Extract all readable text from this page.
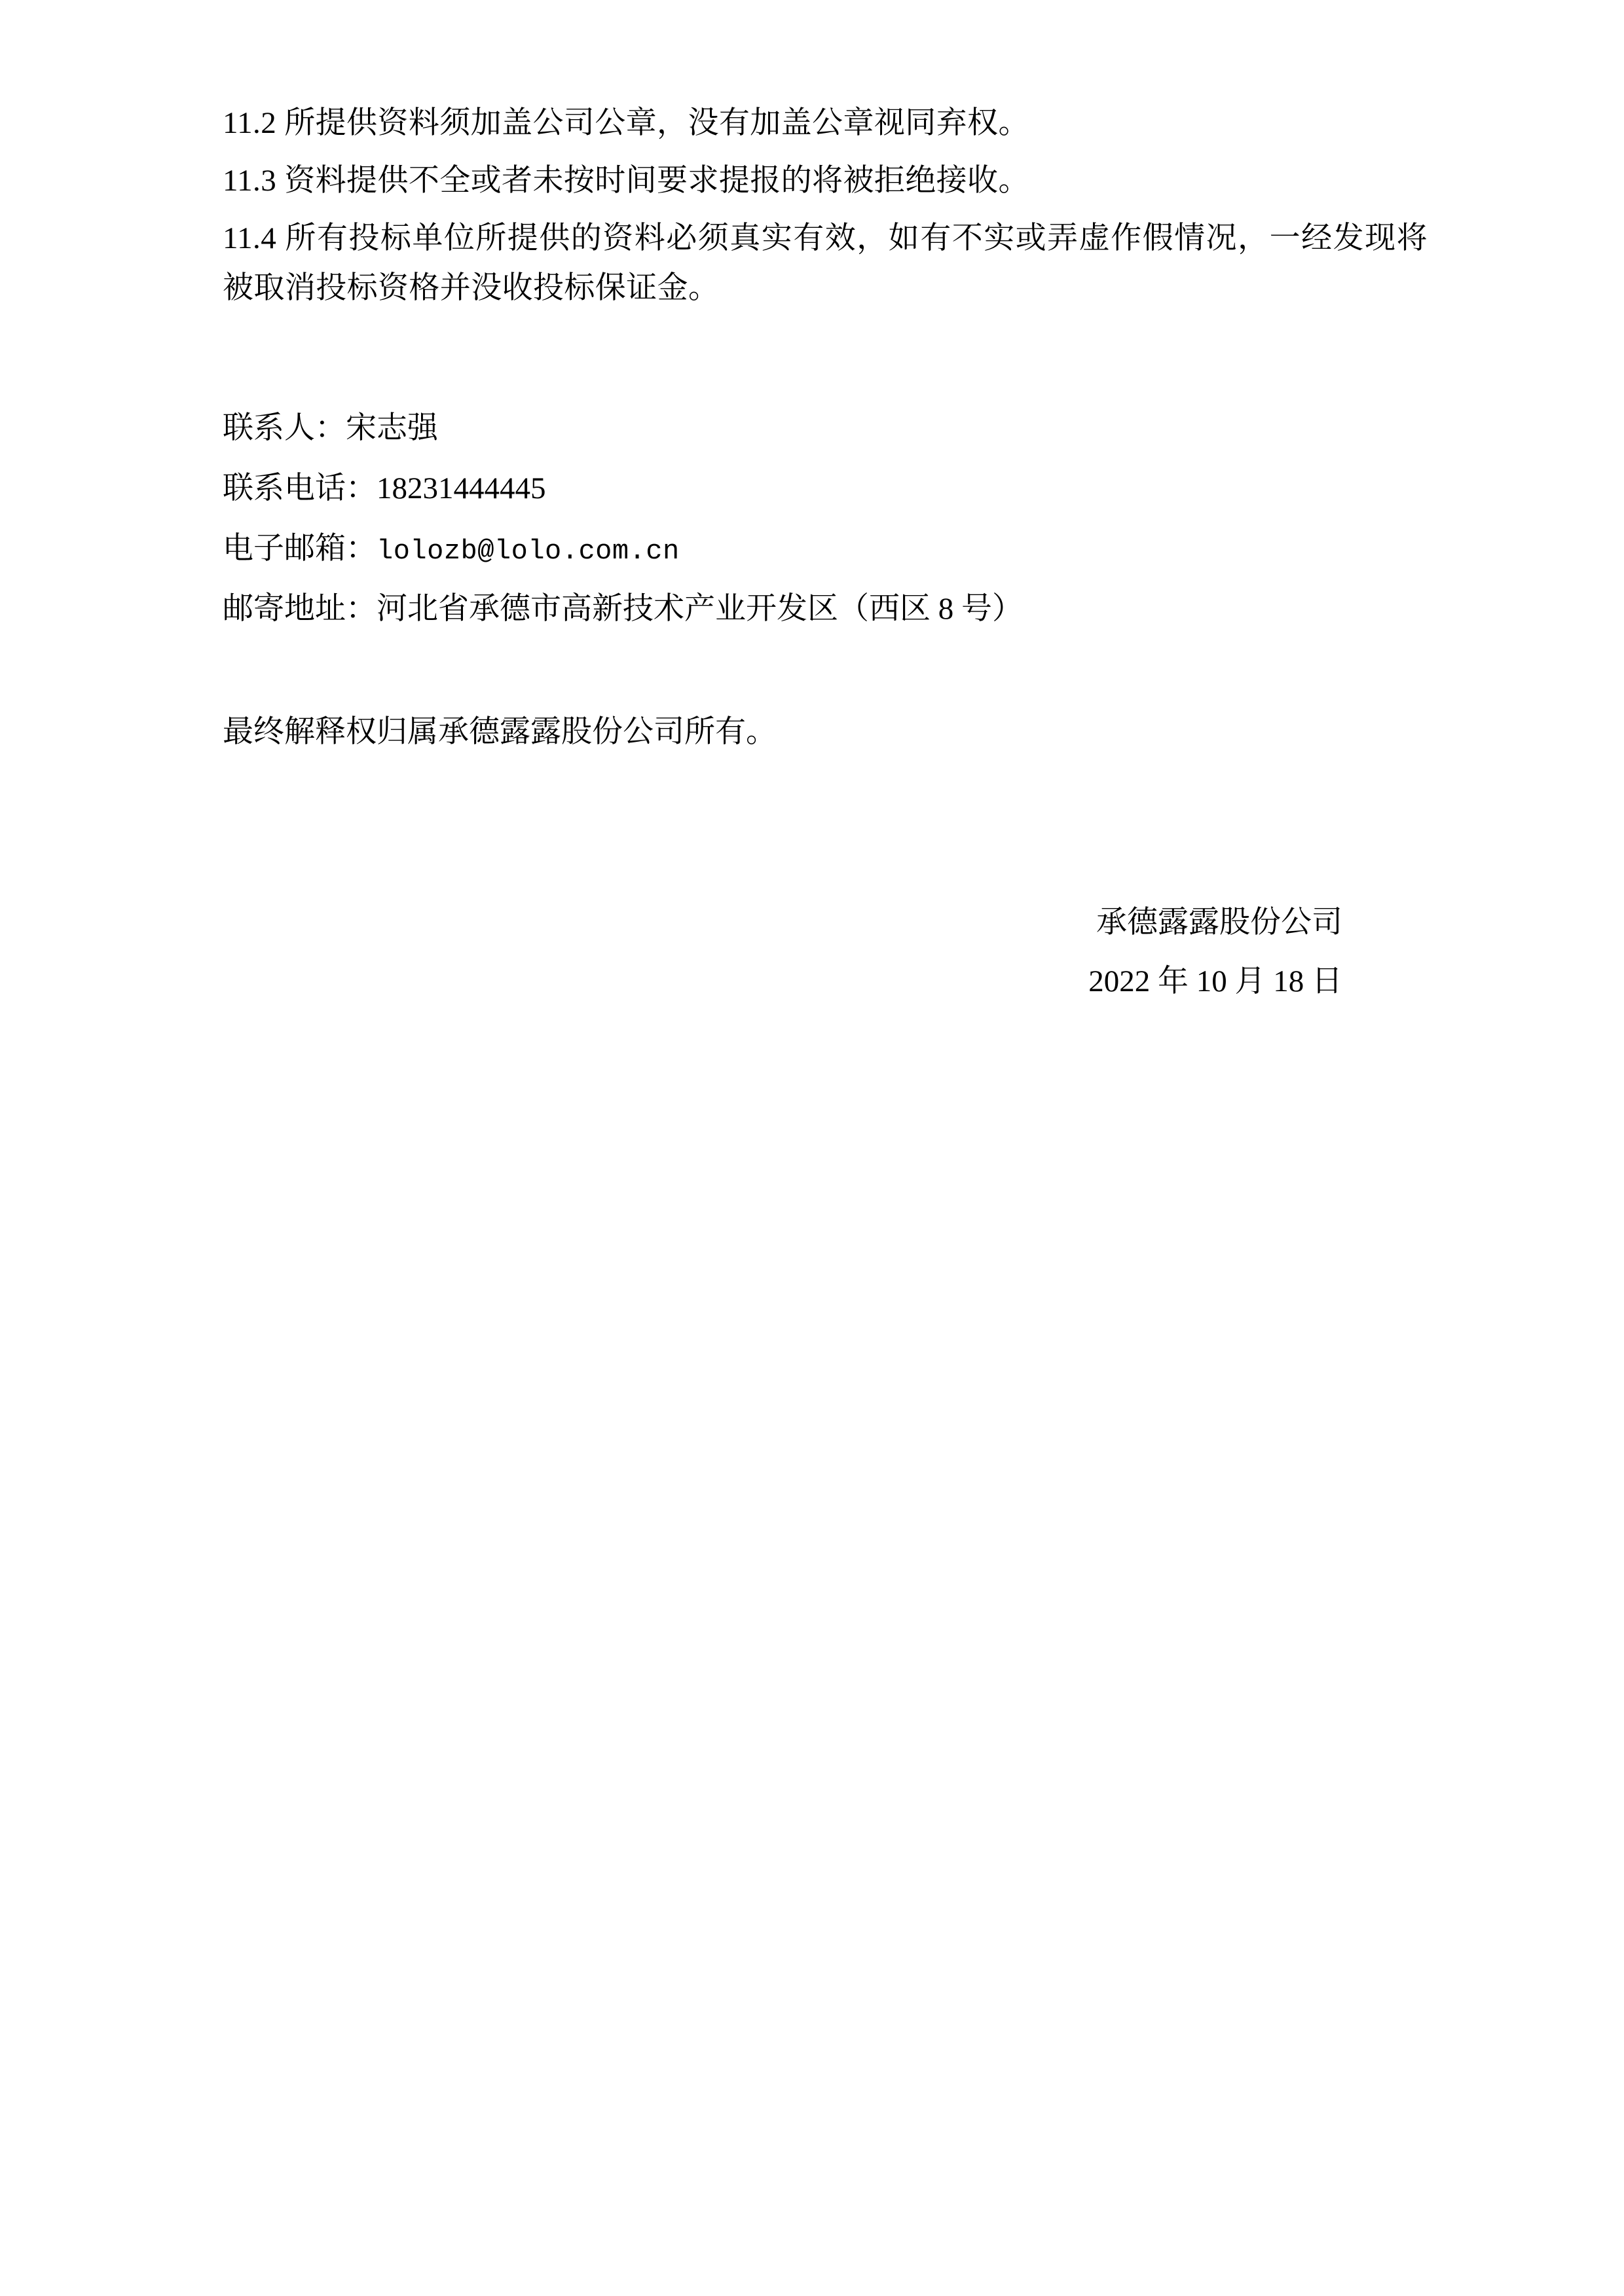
11.2 所提供资料须加盖公司公章，没有加盖公章视同弃权。

11.3 资料提供不全或者未按时间要求提报的将被拒绝接收。

11.4 所有投标单位所提供的资料必须真实有效，如有不实或弄虚作假情况，一经发现将被取消投标资格并没收投标保证金。

联系人：宋志强

联系电话：18231444445

电子邮箱：lolozb@lolo.com.cn

邮寄地址：河北省承德市高新技术产业开发区（西区 8 号）

最终解释权归属承德露露股份公司所有。

承德露露股份公司
2022 年 10 月 18 日
